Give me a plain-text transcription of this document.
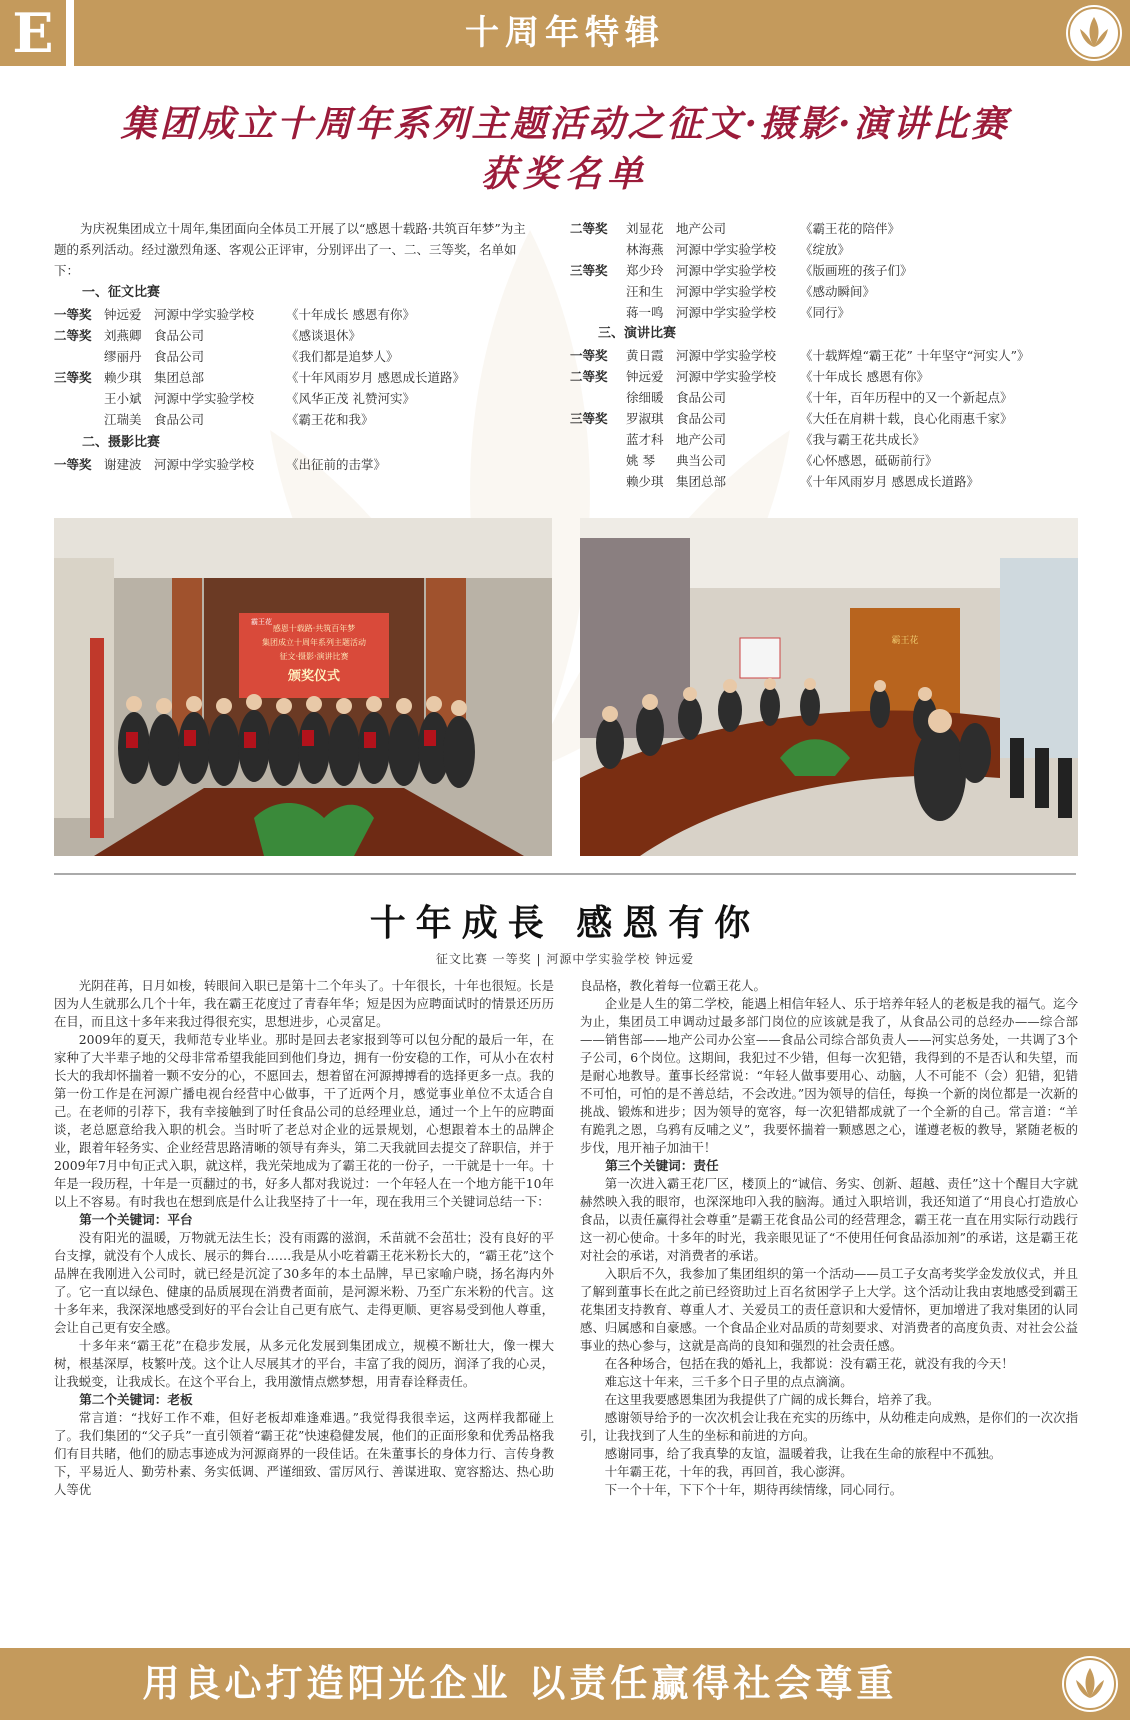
E	十周年特辑
集团成立十周年系列主题活动之征文·摄影·演讲比赛
获奖名单
为庆祝集团成立十周年,集团面向全体员工开展了以“感恩十载路·共筑百年梦”为主题的系列活动。经过激烈角逐、客观公正评审，分别评出了一、二、三等奖，名单如下：
一、征文比赛
一等奖 钟远爱 河源中学实验学校	《十年成长 感恩有你》
二等奖 刘燕卿 食品公司	《感谈退休》
缪丽丹 食品公司	《我们都是追梦人》
三等奖 赖少琪 集团总部	《十年风雨岁月 感恩成长道路》
王小斌 河源中学实验学校	《风华正茂 礼赞河实》
江瑞美 食品公司	《霸王花和我》
二、摄影比赛
一等奖 谢建波 河源中学实验学校	《出征前的击掌》
二等奖 刘显花 地产公司	《霸王花的陪伴》
林海燕 河源中学实验学校 《绽放》
三等奖 郑少玲 河源中学实验学校 《版画班的孩子们》
汪和生 河源中学实验学校 《感动瞬间》
蒋一鸣 河源中学实验学校 《同行》
三、演讲比赛
一等奖 黄日霞 河源中学实验学校 《十载辉煌“霸王花” 十年坚守“河实人”》
二等奖 钟远爱 河源中学实验学校 《十年成长 感恩有你》
徐细暖 食品公司	《十年，百年历程中的又一个新起点》
三等奖 罗淑琪 食品公司	《大任在肩耕十载，良心化雨惠千家》
蓝才科 地产公司	《我与霸王花共成长》
姚 琴 典当公司	《心怀感恩，砥砺前行》
赖少琪 集团总部	《十年风雨岁月 感恩成长道路》
感恩十载路·共筑百年梦
集团成立十周年系列主题活动
征文·摄影·演讲比赛
颁奖仪式
霸王花
霸王花
十年成長 感恩有你
征文比赛 一等奖 | 河源中学实验学校 钟远爱

光阴荏苒，日月如梭，转眼间入职已是第十二个年头了。十年很长，十年也很短。长是因为人生就那么几个十年，我在霸王花度过了青春年华；短是因为应聘面试时的情景还历历在目，而且这十多年来我过得很充实，思想进步，心灵富足。

2009年的夏天，我师范专业毕业。那时是回去老家报到等可以包分配的最后一年，在家种了大半辈子地的父母非常希望我能回到他们身边，拥有一份安稳的工作，可从小在农村长大的我却怀揣着一颗不安分的心，不愿回去，想着留在河源搏搏看的选择更多一点。我的第一份工作是在河源广播电视台经营中心做事，干了近两个月，感觉事业单位不太适合自己。在老师的引荐下，我有幸接触到了时任食品公司的总经理业总，通过一个上午的应聘面谈，老总愿意给我入职的机会。当时听了老总对企业的远景规划，心想跟着本土的品牌企业，跟着年轻务实、企业经营思路清晰的领导有奔头，第二天我就回去提交了辞职信，并于2009年7月中旬正式入职，就这样，我光荣地成为了霸王花的一份子，一干就是十一年。十年是一段历程，十年是一页翻过的书，好多人都对我说过：一个年轻人在一个地方能干10年以上不容易。有时我也在想到底是什么让我坚持了十一年，现在我用三个关键词总结一下：

第一个关键词：平台

没有阳光的温暖，万物就无法生长；没有雨露的滋润，禾苗就不会茁壮；没有良好的平台支撑，就没有个人成长、展示的舞台……我是从小吃着霸王花米粉长大的，“霸王花”这个品牌在我刚进入公司时，就已经是沉淀了30多年的本土品牌，早已家喻户晓，扬名海内外了。它一直以绿色、健康的品质展现在消费者面前，是河源米粉、乃至广东米粉的代言。这十多年来，我深深地感受到好的平台会让自己更有底气、走得更顺、更容易受到他人尊重，会让自己更有安全感。

十多年来“霸王花”在稳步发展，从多元化发展到集团成立，规模不断壮大，像一棵大树，根基深厚，枝繁叶茂。这个让人尽展其才的平台，丰富了我的阅历，润泽了我的心灵，让我蜕变，让我成长。在这个平台上，我用激情点燃梦想，用青春诠释责任。

第二个关键词：老板

常言道：“找好工作不难，但好老板却难逢难遇。”我觉得我很幸运，这两样我都碰上了。我们集团的“父子兵”一直引领着“霸王花”快速稳健发展，他们的正面形象和优秀品格我们有目共睹，他们的励志事迹成为河源商界的一段佳话。在朱董事长的身体力行、言传身教下，平易近人、勤劳朴素、务实低调、严谨细致、雷厉风行、善谋进取、宽容豁达、热心助人等优

良品格，教化着每一位霸王花人。

企业是人生的第二学校，能遇上相信年轻人、乐于培养年轻人的老板是我的福气。迄今为止，集团员工申调动过最多部门岗位的应该就是我了，从食品公司的总经办——综合部——销售部——地产公司办公室——食品公司综合部负责人——河实总务处，一共调了3个子公司，6个岗位。这期间，我犯过不少错，但每一次犯错，我得到的不是否认和失望，而是耐心地教导。董事长经常说：“年轻人做事要用心、动脑，人不可能不（会）犯错，犯错不可怕，可怕的是不善总结，不会改进。”因为领导的信任，每换一个新的岗位都是一次新的挑战、锻炼和进步；因为领导的宽容，每一次犯错都成就了一个全新的自己。常言道：“羊有跪乳之恩，乌鸦有反哺之义”，我要怀揣着一颗感恩之心，谨遵老板的教导，紧随老板的步伐，甩开袖子加油干！

第三个关键词：责任

第一次进入霸王花厂区，楼顶上的“诚信、务实、创新、超越、责任”这十个醒目大字就赫然映入我的眼帘，也深深地印入我的脑海。通过入职培训，我还知道了“用良心打造放心食品，以责任赢得社会尊重”是霸王花食品公司的经营理念，霸王花一直在用实际行动践行这一初心使命。十多年的时光，我亲眼见证了“不使用任何食品添加剂”的承诺，这是霸王花对社会的承诺，对消费者的承诺。

入职后不久，我参加了集团组织的第一个活动——员工子女高考奖学金发放仪式，并且了解到董事长在此之前已经资助过上百名贫困学子上大学。这个活动让我由衷地感受到霸王花集团支持教育、尊重人才、关爱员工的责任意识和大爱情怀，更加增进了我对集团的认同感、归属感和自豪感。一个食品企业对品质的苛刻要求、对消费者的高度负责、对社会公益事业的热心参与，这就是高尚的良知和强烈的社会责任感。

在各种场合，包括在我的婚礼上，我都说：没有霸王花，就没有我的今天！

难忘这十年来，三千多个日子里的点点滴滴。

在这里我要感恩集团为我提供了广阔的成长舞台，培养了我。

感谢领导给予的一次次机会让我在充实的历练中，从幼稚走向成熟，是你们的一次次指引，让我找到了人生的坐标和前进的方向。

感谢同事，给了我真挚的友谊，温暖着我，让我在生命的旅程中不孤独。

十年霸王花，十年的我，再回首，我心澎湃。

下一个十年，下下个十年，期待再续情缘，同心同行。

用良心打造阳光企业 以责任赢得社会尊重
